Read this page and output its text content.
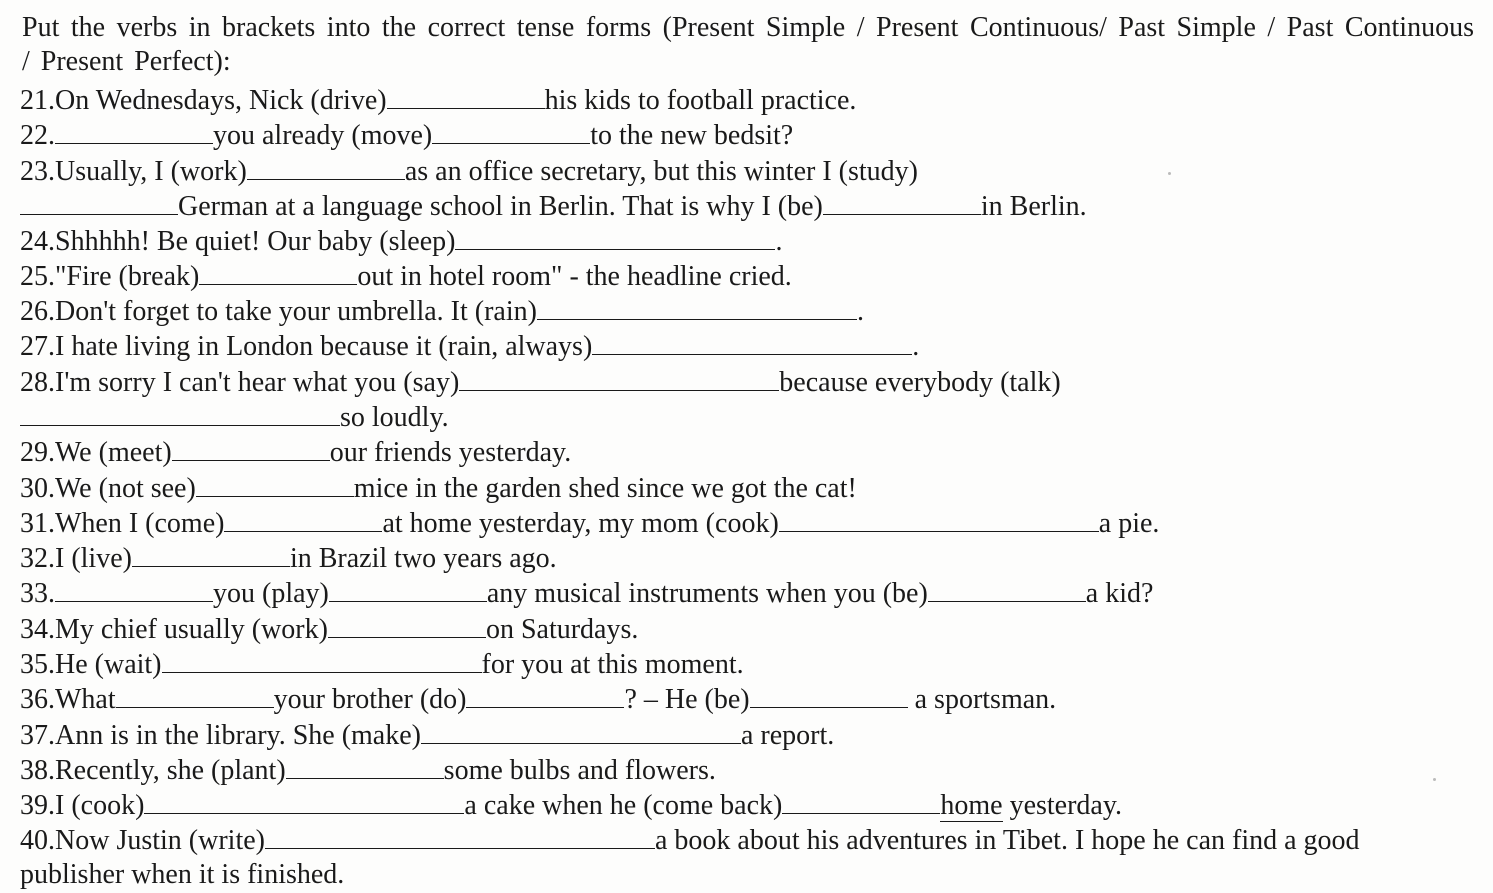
Put the verbs in brackets into the correct tense forms (Present Simple / Present Continuous/ Past Simple / Past Continuous / Present Perfect):
21.On Wednesdays, Nick (drive)	his kids to football practice.
22.	you already (move)	to the new bedsit?
23.Usually, I (work)	as an office secretary, but this winter I (study)
German at a language school in Berlin. That is why I (be)	in Berlin.
24.Shhhhh! Be quiet! Our baby (sleep)	.
25."Fire (break)	out in hotel room" - the headline cried.
26.Don't forget to take your umbrella. It (rain)	.
27.I hate living in London because it (rain, always)	.
28.I'm sorry I can't hear what you (say)	because everybody (talk)
so loudly.
29.We (meet)	our friends yesterday.
30.We (not see)	mice in the garden shed since we got the cat!
31.When I (come)	at home yesterday, my mom (cook)	a pie.
32.I (live)	in Brazil two years ago.
33.	you (play)	any musical instruments when you (be)	a kid?
34.My chief usually (work)	on Saturdays.
35.He (wait)	for you at this moment.
36.What	your brother (do)	? – He (be)	a sportsman.
37.Ann is in the library. She (make)	a report.
38.Recently, she (plant)	some bulbs and flowers.
39.I (cook)	a cake when he (come back)	home yesterday.
40.Now Justin (write)	a book about his adventures in Tibet. I hope he can find a good
publisher when it is finished.
